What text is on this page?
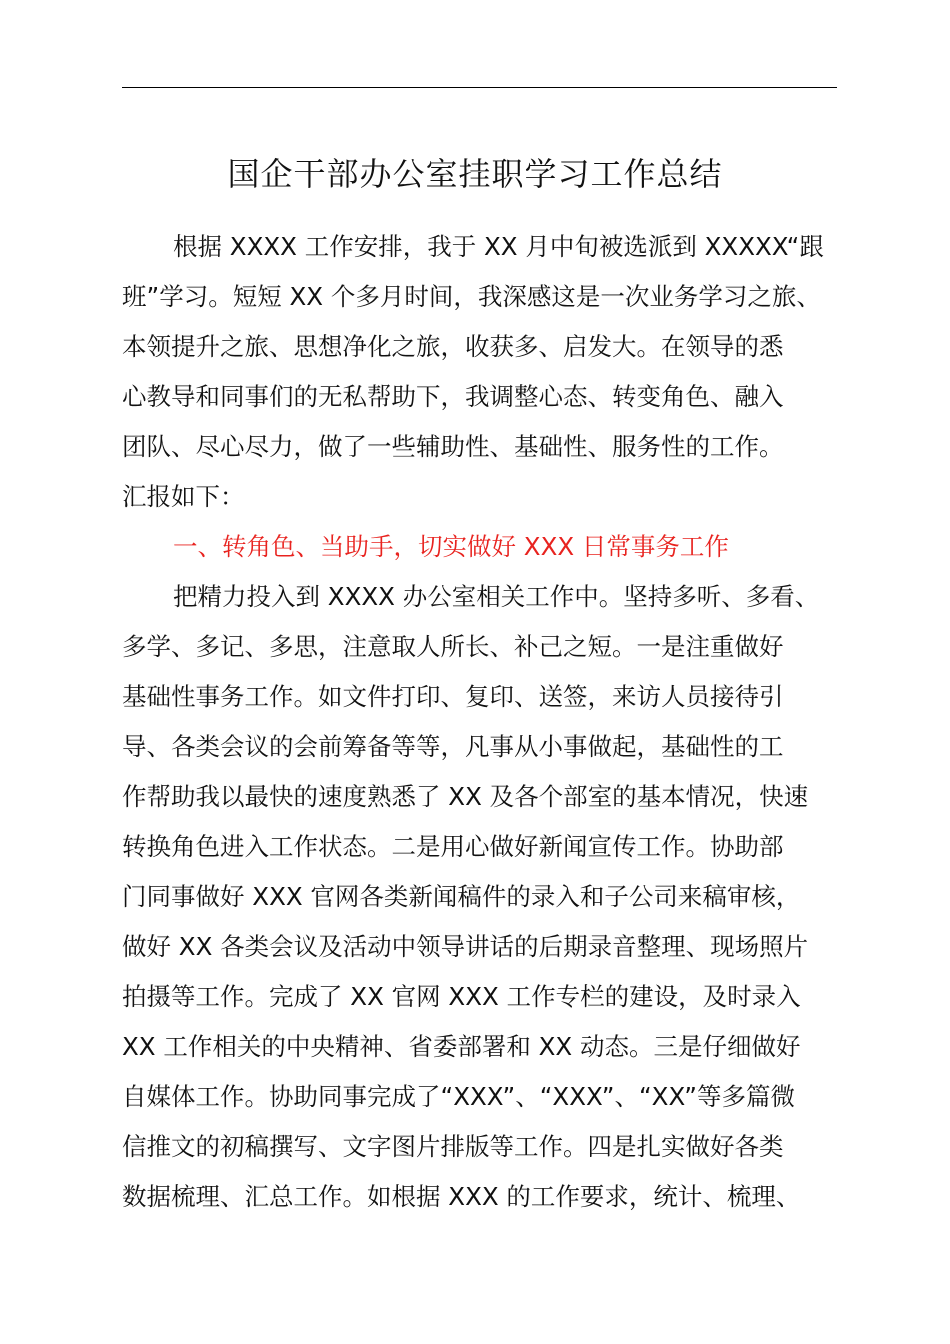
国企干部办公室挂职学习工作总结
根据 XXXX 工作安排，我于 XX 月中旬被选派到 XXXXX“跟
班”学习。短短 XX 个多月时间，我深感这是一次业务学习之旅、
本领提升之旅、思想净化之旅，收获多、启发大。在领导的悉
心教导和同事们的无私帮助下，我调整心态、转变角色、融入
团队、尽心尽力，做了一些辅助性、基础性、服务性的工作。
汇报如下：
一、转角色、当助手，切实做好 XXX 日常事务工作
把精力投入到 XXXX 办公室相关工作中。坚持多听、多看、
多学、多记、多思，注意取人所长、补己之短。一是注重做好
基础性事务工作。如文件打印、复印、送签，来访人员接待引
导、各类会议的会前筹备等等，凡事从小事做起，基础性的工
作帮助我以最快的速度熟悉了 XX 及各个部室的基本情况，快速
转换角色进入工作状态。二是用心做好新闻宣传工作。协助部
门同事做好 XXX 官网各类新闻稿件的录入和子公司来稿审核，
做好 XX 各类会议及活动中领导讲话的后期录音整理、现场照片
拍摄等工作。完成了 XX 官网 XXX 工作专栏的建设，及时录入
XX 工作相关的中央精神、省委部署和 XX 动态。三是仔细做好
自媒体工作。协助同事完成了“XXX”、“XXX”、“XX”等多篇微
信推文的初稿撰写、文字图片排版等工作。四是扎实做好各类
数据梳理、汇总工作。如根据 XXX 的工作要求，统计、梳理、
